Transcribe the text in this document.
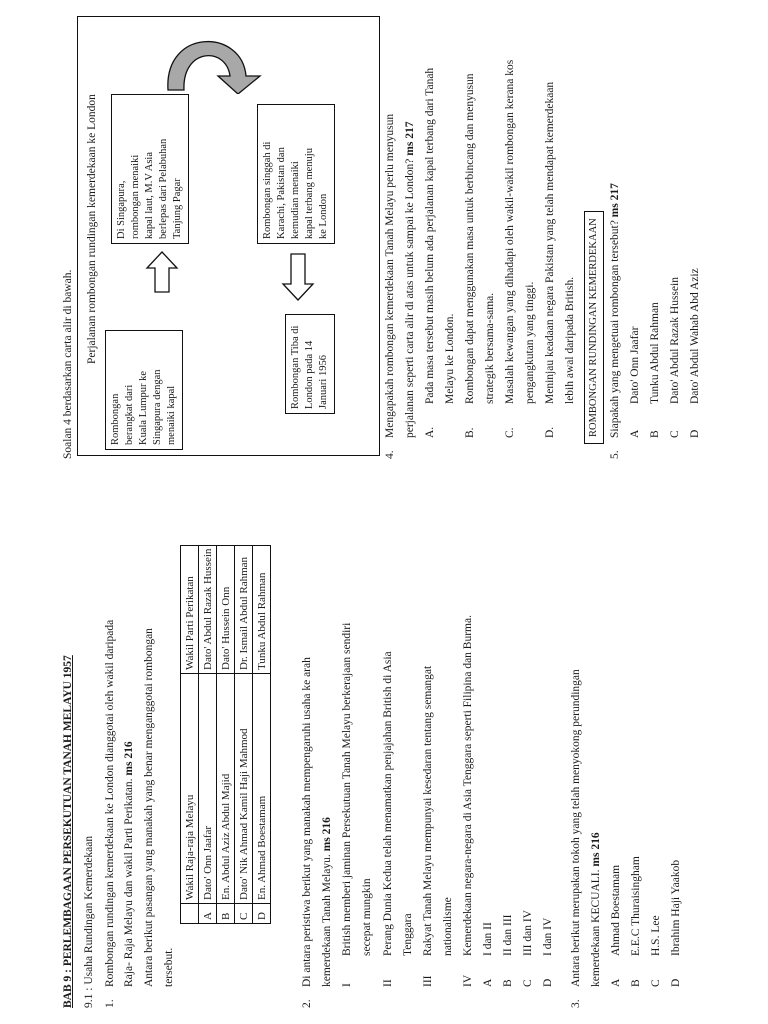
BAB 9 : PERLEMBAGAAN PERSEKUTUAN TANAH MELAYU 1957 9.1 : Usaha Rundingan Kemerdekaan 1.
Rombongan rundingan kemerdekaan ke London dianggotai oleh wakil daripada Raja- Raja Melayu dan wakil Parti Perikatan. ms 216 Antara berikut pasangan yang manakah yang benar menganggotai rombongan tersebut.
	Wakil Raja-raja Melayu	Wakil Parti Perikatan
A	Dato' Onn Jaafar	Dato' Abdul Razak Hussein
B	En. Abdul Aziz Abdul Majid	Dato' Hussein Onn
C	Dato' Nik Ahmad Kamil Haji Mahmod	Dr. Ismail Abdul Rahman
D	En. Ahmad Boestamam	Tunku Abdul Rahman
2.
Di antara peristiwa berikut yang manakah mempengaruhi usaha ke arah kemerdekaan Tanah Melayu. ms 216
I
British memberi jaminan Persekutuan Tanah Melayu berkerajaan sendiri secepat mungkin
II
Perang Dunia Kedua telah menamatkan penjajahan British di Asia Tenggara
III
Rakyat Tanah Melayu mempunyai kesedaran tentang semangat nationalisme
IV
Kemerdekaan negara-negara di Asia Tenggara seperti Filipina dan Burma.
A
I dan II
B
II dan III
C
III dan IV
D
I dan IV
3.
Antara berikut merupakan tokoh yang telah menyokong perundingan kemerdekaan KECUALI. ms 216
A
Ahmad Boestamam
B
E.E.C Thuraisingham
C
H.S. Lee
D
Ibrahim Haji Yaakob
Soalan 4 berdasarkan carta alir di bawah.
Perjalanan rombongan rundingan kemerdekaan ke London
Rombongan berangkat dari Kuala Lumpur ke Singapura dengan menaiki kapal
Di Singapura, rombongan menaiki kapal laut, M.V Asia berlepas dari Pelabuhan Tanjung Pagar	Rombongan singgah di Karachi, Pakistan dan kemudian menaiki kapal terbang menuju ke London
Rombongan Tiba di London pada 14 Januari 1956
4.
Mengapakah rombongan kemerdekaan Tanah Melayu perlu menyusun perjalanan seperti carta alir di atas untuk sampai ke London? ms 217
A.
Pada masa tersebut masih belum ada perjalanan kapal terbang dari Tanah Melayu ke London.
B.
Rombongan dapat menggunakan masa untuk berbincang dan menyusun strategik bersama-sama.
C.
Masalah kewangan yang dihadapi oleh wakil-wakil rombongan kerana kos pengangkutan yang tinggi.
D.
Meninjau keadaan negara Pakistan yang telah mendapat kemerdekaan lebih awal daripada British.
5.
ROMBONGAN RUNDINGAN KEMERDEKAAN Siapakah yang mengetuai rombongan tersebut? ms 217
A
Dato' Onn Jaafar
B
Tunku Abdul Rahman
C
Dato' Abdul Razak Hussein
D
Dato' Abdul Wahab Abd Aziz
